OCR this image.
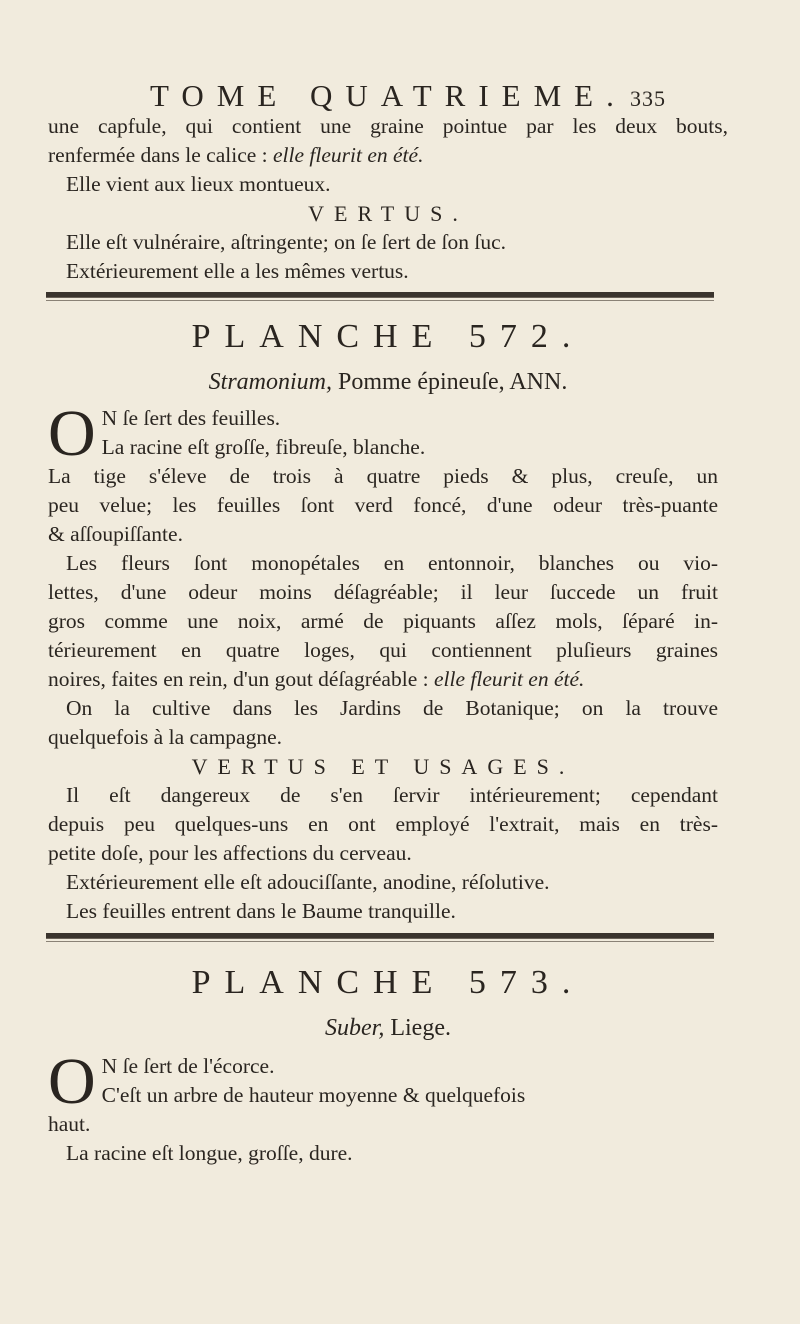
TOME QUATRIEME. 335
une capfule, qui contient une graine pointue par les deux bouts,
renfermée dans le calice : elle fleurit en été.
Elle vient aux lieux montueux.
VERTUS.
Elle eſt vulnéraire, aſtringente; on ſe ſert de ſon ſuc.
Extérieurement elle a les mêmes vertus.
PLANCHE 572.
Stramonium, Pomme épineuſe, ANN.
O N ſe ſert des feuilles.
La racine eſt groſſe, fibreuſe, blanche.
La tige s'éleve de trois à quatre pieds & plus, creuſe, un
peu velue; les feuilles ſont verd foncé, d'une odeur très-puante
& aſſoupiſſante.
Les fleurs ſont monopétales en entonnoir, blanches ou vio-
lettes, d'une odeur moins déſagréable; il leur ſuccede un fruit
gros comme une noix, armé de piquants aſſez mols, ſéparé in-
térieurement en quatre loges, qui contiennent pluſieurs graines
noires, faites en rein, d'un gout déſagréable : elle fleurit en été.
On la cultive dans les Jardins de Botanique; on la trouve
quelquefois à la campagne.
VERTUS ET USAGES.
Il eſt dangereux de s'en ſervir intérieurement; cependant
depuis peu quelques-uns en ont employé l'extrait, mais en très-
petite doſe, pour les affections du cerveau.
Extérieurement elle eſt adouciſſante, anodine, réſolutive.
Les feuilles entrent dans le Baume tranquille.
PLANCHE 573.
Suber, Liege.
O N ſe ſert de l'écorce.
C'eſt un arbre de hauteur moyenne & quelquefois
haut.
La racine eſt longue, groſſe, dure.
